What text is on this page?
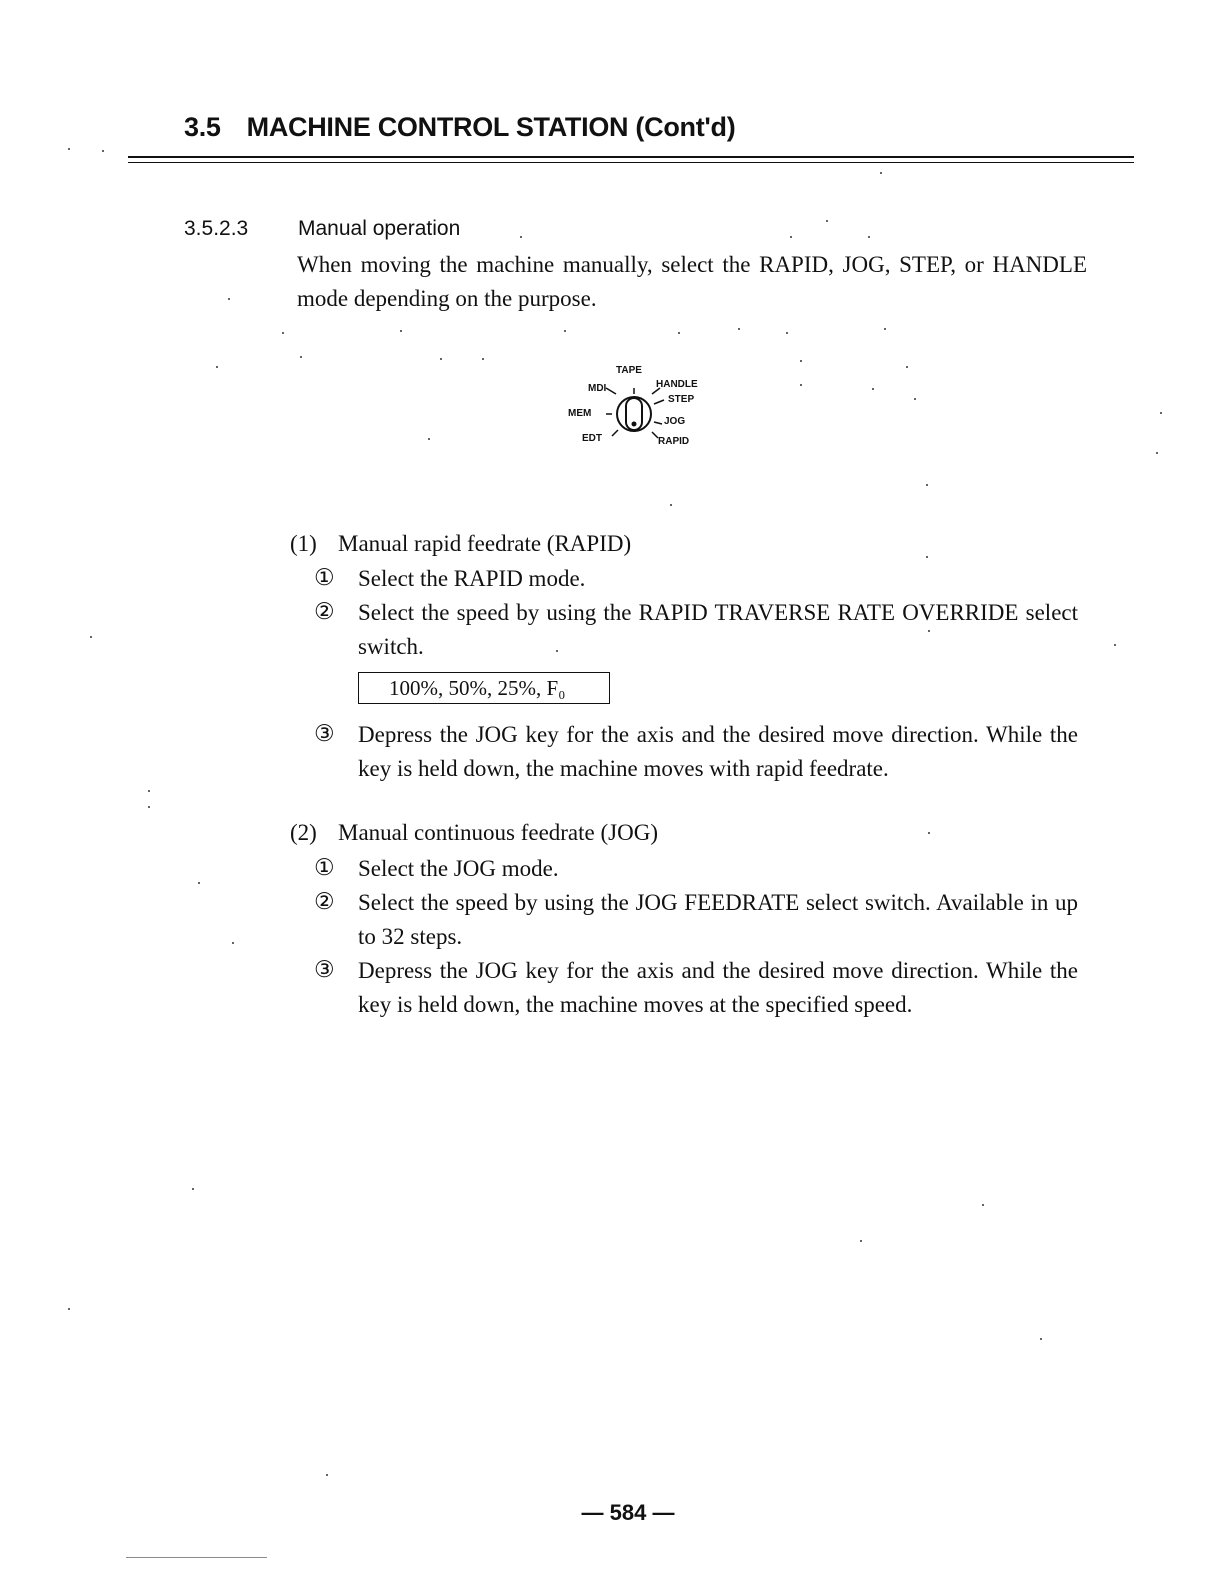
3.5 MACHINE CONTROL STATION (Cont'd)
3.5.2.3 Manual operation
When moving the machine manually, select the RAPID, JOG, STEP, or HANDLE mode depending on the purpose.
TAPE
MDI	HANDLE
STEP
MEM
JOG
EDT	RAPID
(1) Manual rapid feedrate (RAPID)
① Select the RAPID mode.
② Select the speed by using the RAPID TRAVERSE RATE OVERRIDE select switch.
100%, 50%, 25%, F₀
③ Depress the JOG key for the axis and the desired move direction. While the key is held down, the machine moves with rapid feedrate.
(2) Manual continuous feedrate (JOG)
① Select the JOG mode.
② Select the speed by using the JOG FEEDRATE select switch. Available in up to 32 steps.
③ Depress the JOG key for the axis and the desired move direction. While the key is held down, the machine moves at the specified speed.
— 584 —
